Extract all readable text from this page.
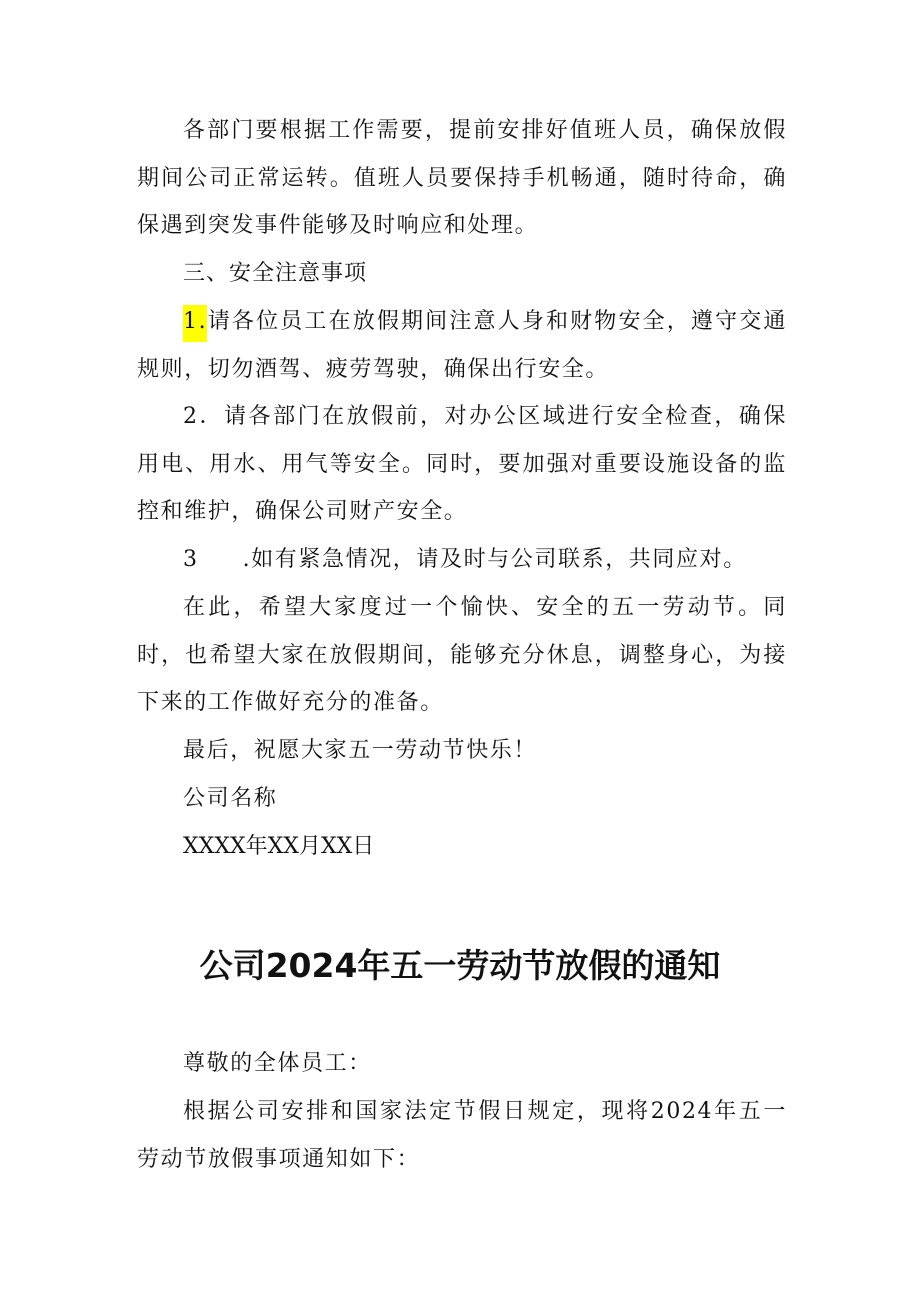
各部门要根据工作需要，提前安排好值班人员，确保放假期间公司正常运转。值班人员要保持手机畅通，随时待命，确保遇到突发事件能够及时响应和处理。

三、安全注意事项

1.请各位员工在放假期间注意人身和财物安全，遵守交通规则，切勿酒驾、疲劳驾驶，确保出行安全。

2．请各部门在放假前，对办公区域进行安全检查，确保用电、用水、用气等安全。同时，要加强对重要设施设备的监控和维护，确保公司财产安全。

3 .如有紧急情况，请及时与公司联系，共同应对。

在此，希望大家度过一个愉快、安全的五一劳动节。同时，也希望大家在放假期间，能够充分休息，调整身心，为接下来的工作做好充分的准备。

最后，祝愿大家五一劳动节快乐！

公司名称

XXXX年XX月XX日

公司2024年五一劳动节放假的通知

尊敬的全体员工：

根据公司安排和国家法定节假日规定，现将2024年五一劳动节放假事项通知如下：
